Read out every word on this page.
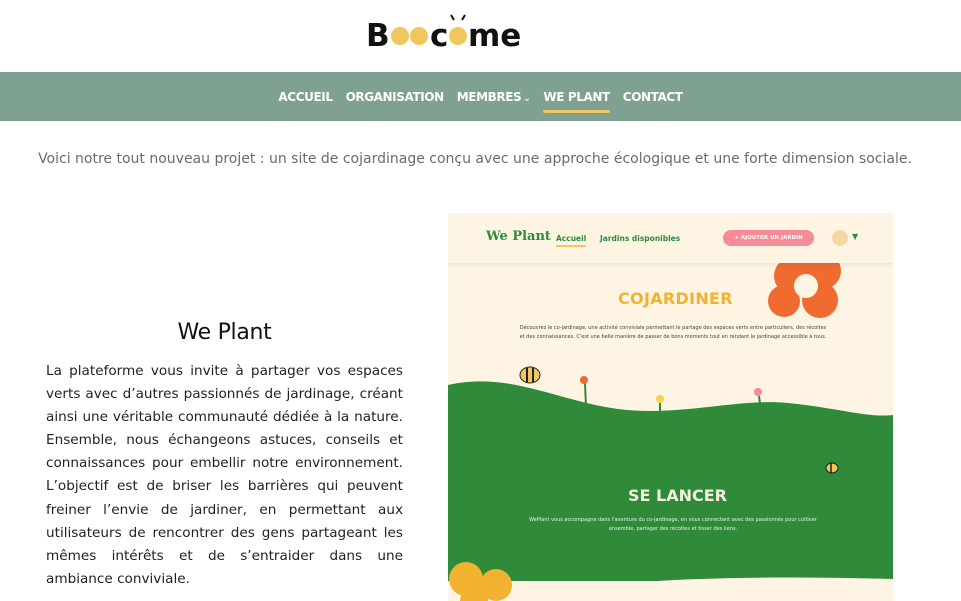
B c me
ACCUEIL ORGANISATION MEMBRES ⌄ WE PLANT CONTACT
Voici notre tout nouveau projet : un site de cojardinage conçu avec une approche écologique et une forte dimension sociale.
We Plant
La plateforme vous invite à partager vos espaces verts avec d’autres passionnés de jardinage, créant ainsi une véritable communauté dédiée à la nature. Ensemble, nous échangeons astuces, conseils et connaissances pour embellir notre environnement. L’objectif est de briser les barrières qui peuvent freiner l’envie de jardiner, en permettant aux utilisateurs de rencontrer des gens partageant les mêmes intérêts et de s’entraider dans une ambiance conviviale.
We Plant Accueil Jardins disponibles	+ AJOUTER UN JARDIN	▼
COJARDINER
Découvrez le co-jardinage, une activité conviviale permettant le partage des espaces verts entre particuliers, des récoltes et des connaissances. C'est une belle manière de passer de bons moments tout en rendant le jardinage accessible à tous.
SE LANCER
WePlant vous accompagne dans l'aventure du co-jardinage, en vous connectant avec des passionnés pour cultiver ensemble, partager des récoltes et tisser des liens.
